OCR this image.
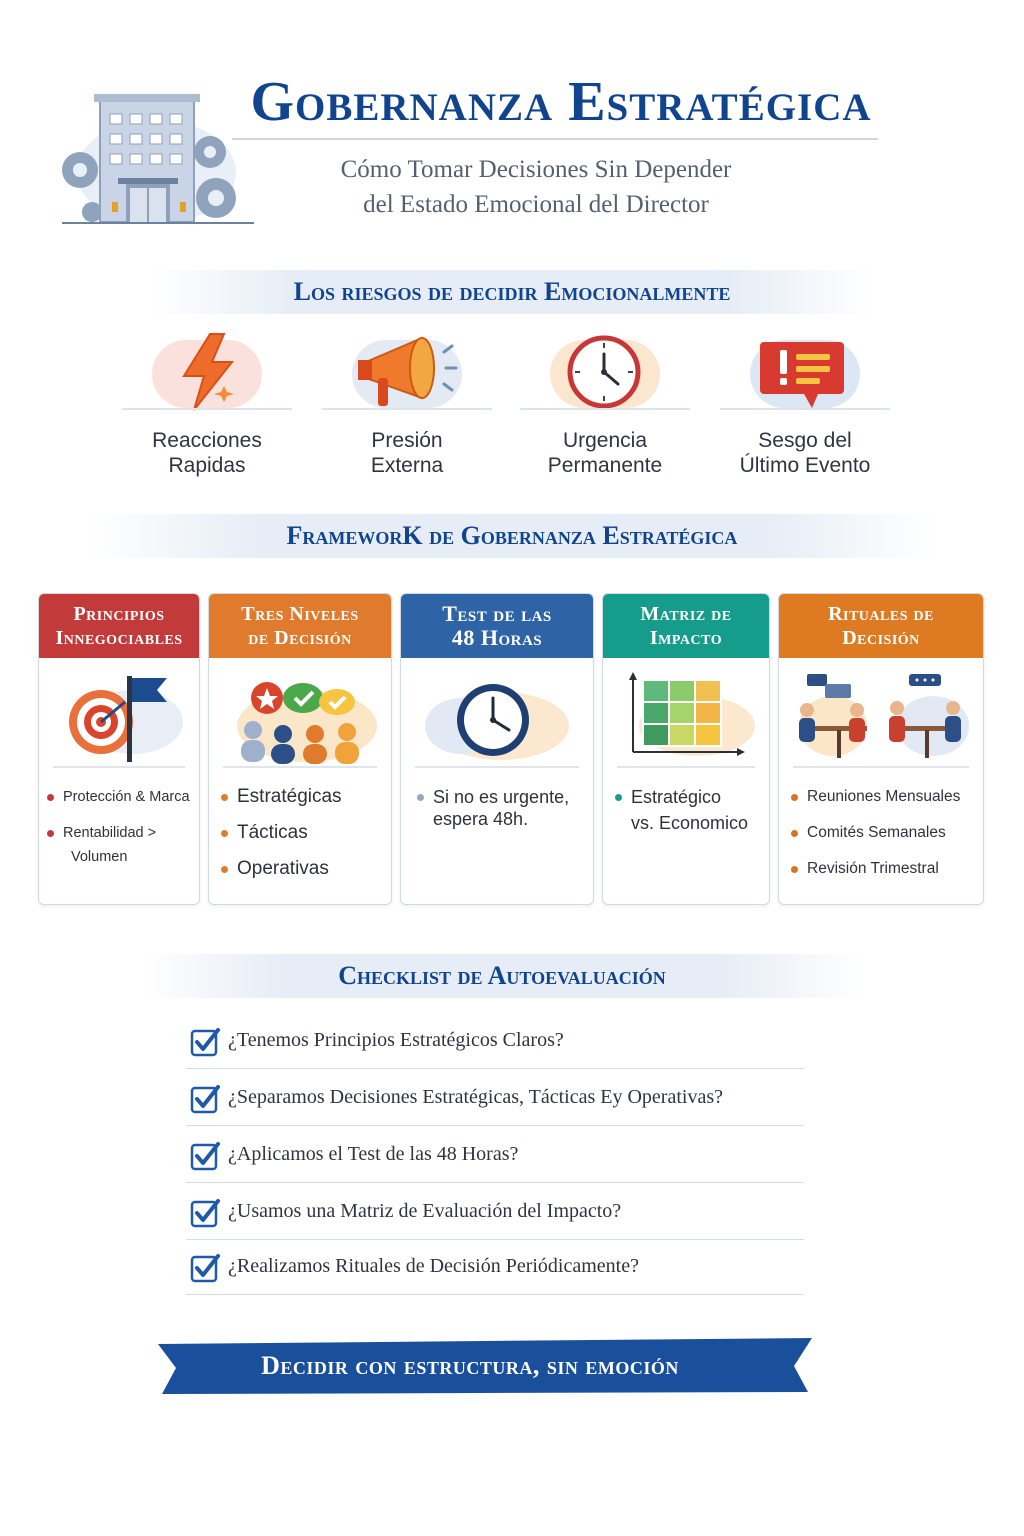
Gobernanza Estratégica
Cómo Tomar Decisiones Sin Depender
del Estado Emocional del Director
Los riesgos de decidir Emocionalmente
Reacciones
Rapidas
Presión
Externa
Urgencia
Permanente
Sesgo del
Último Evento
FrameworK de Gobernanza Estratégica
Principios
Innegociables
Protección & Marca
Rentabilidad >
Volumen
Tres Niveles
de Decisión
Estratégicas
Tácticas
Operativas
Test de las
48 Horas
Si no es urgente,
espera 48h.
Matriz de
Impacto
Estratégico
vs. Economico
Rituales de
Decisión
Reuniones Mensuales
Comités Semanales
Revisión Trimestral
Checklist de Autoevaluación
¿Tenemos Principios Estratégicos Claros?
¿Separamos Decisiones Estratégicas, Tácticas Ey Operativas?
¿Aplicamos el Test de las 48 Horas?
¿Usamos una Matriz de Evaluación del Impacto?
¿Realizamos Rituales de Decisión Periódicamente?
Decidir con estructura, sin emoción
